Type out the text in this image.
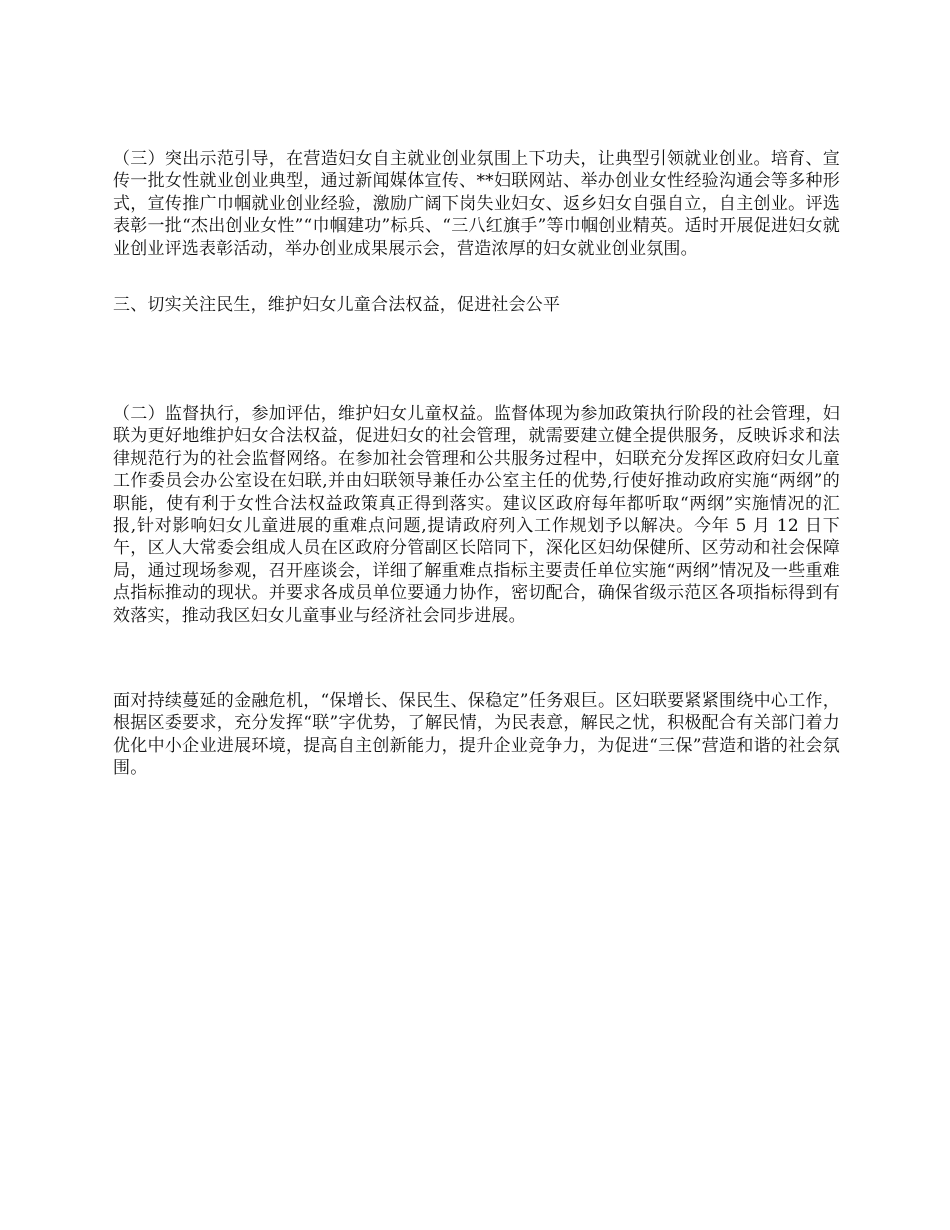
（三）突出示范引导，在营造妇女自主就业创业氛围上下功夫，让典型引领就业创业。培育、宣传一批女性就业创业典型，通过新闻媒体宣传、**妇联网站、举办创业女性经验沟通会等多种形式，宣传推广巾帼就业创业经验，激励广阔下岗失业妇女、返乡妇女自强自立，自主创业。评选表彰一批“杰出创业女性”“巾帼建功”标兵、“三八红旗手”等巾帼创业精英。适时开展促进妇女就业创业评选表彰活动，举办创业成果展示会，营造浓厚的妇女就业创业氛围。

三、切实关注民生，维护妇女儿童合法权益，促进社会公平

（二）监督执行，参加评估，维护妇女儿童权益。监督体现为参加政策执行阶段的社会管理，妇联为更好地维护妇女合法权益，促进妇女的社会管理，就需要建立健全提供服务，反映诉求和法律规范行为的社会监督网络。在参加社会管理和公共服务过程中，妇联充分发挥区政府妇女儿童工作委员会办公室设在妇联,并由妇联领导兼任办公室主任的优势,行使好推动政府实施“两纲”的职能，使有利于女性合法权益政策真正得到落实。建议区政府每年都听取“两纲”实施情况的汇报,针对影响妇女儿童进展的重难点问题,提请政府列入工作规划予以解决。今年 5 月 12 日下午，区人大常委会组成人员在区政府分管副区长陪同下，深化区妇幼保健所、区劳动和社会保障局，通过现场参观，召开座谈会，详细了解重难点指标主要责任单位实施“两纲”情况及一些重难点指标推动的现状。并要求各成员单位要通力协作，密切配合，确保省级示范区各项指标得到有效落实，推动我区妇女儿童事业与经济社会同步进展。

面对持续蔓延的金融危机，“保增长、保民生、保稳定”任务艰巨。区妇联要紧紧围绕中心工作，根据区委要求，充分发挥“联”字优势，了解民情，为民表意，解民之忧，积极配合有关部门着力优化中小企业进展环境，提高自主创新能力，提升企业竞争力，为促进“三保”营造和谐的社会氛围。
